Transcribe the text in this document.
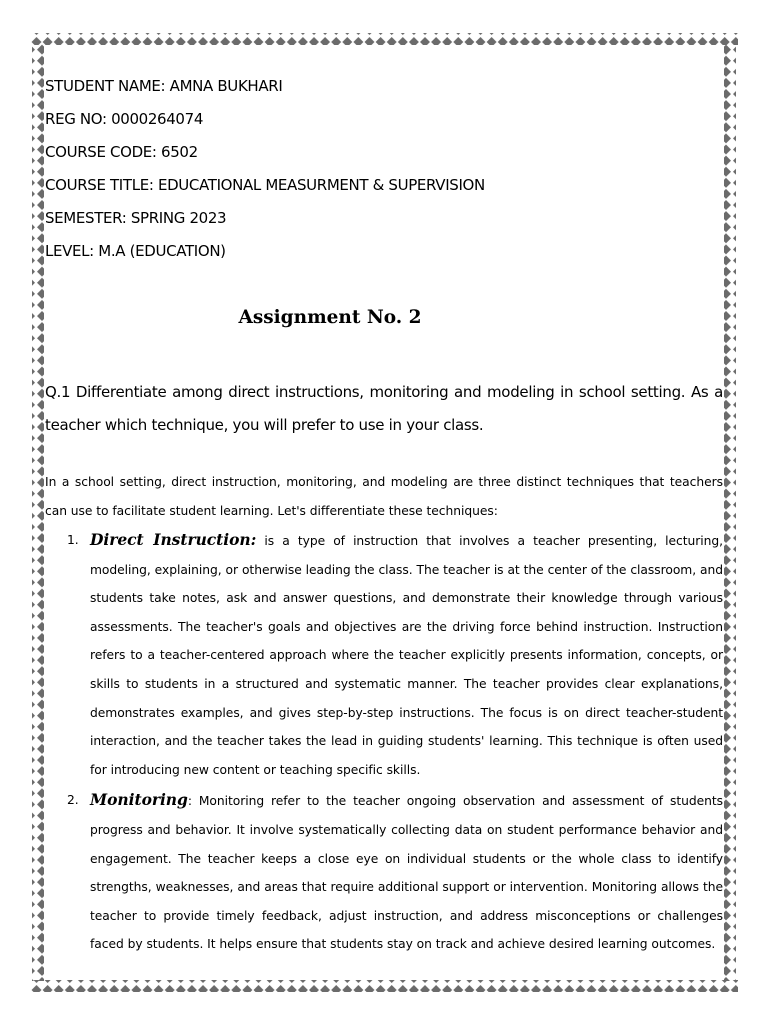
STUDENT NAME: AMNA BUKHARI
REG NO: 0000264074
COURSE CODE: 6502
COURSE TITLE: EDUCATIONAL MEASURMENT & SUPERVISION
SEMESTER: SPRING 2023
LEVEL: M.A (EDUCATION)
Assignment No. 2
Q.1 Differentiate among direct instructions, monitoring and modeling in school setting. As a teacher which technique, you will prefer to use in your class.
In a school setting, direct instruction, monitoring, and modeling are three distinct techniques that teachers can use to facilitate student learning. Let's differentiate these techniques:
1. Direct Instruction: is a type of instruction that involves a teacher presenting, lecturing, modeling, explaining, or otherwise leading the class. The teacher is at the center of the classroom, and students take notes, ask and answer questions, and demonstrate their knowledge through various assessments. The teacher's goals and objectives are the driving force behind instruction. Instruction refers to a teacher-centered approach where the teacher explicitly presents information, concepts, or skills to students in a structured and systematic manner. The teacher provides clear explanations, demonstrates examples, and gives step-by-step instructions. The focus is on direct teacher-student interaction, and the teacher takes the lead in guiding students' learning. This technique is often used for introducing new content or teaching specific skills.
2. Monitoring: Monitoring refer to the teacher ongoing observation and assessment of students progress and behavior. It involve systematically collecting data on student performance behavior and engagement. The teacher keeps a close eye on individual students or the whole class to identify strengths, weaknesses, and areas that require additional support or intervention. Monitoring allows the teacher to provide timely feedback, adjust instruction, and address misconceptions or challenges faced by students. It helps ensure that students stay on track and achieve desired learning outcomes.
